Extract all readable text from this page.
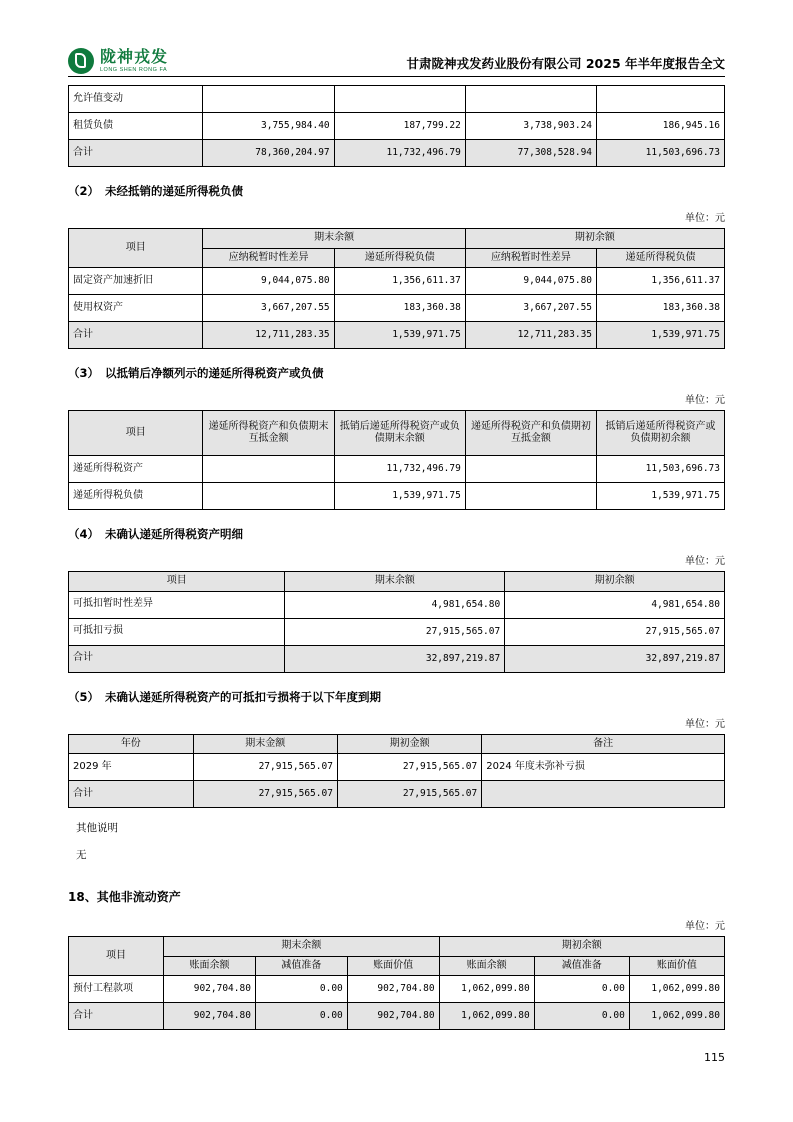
陇神戎发
LONG SHEN RONG FA	甘肃陇神戎发药业股份有限公司 2025 年半年度报告全文
允许值变动				
租赁负债	3,755,984.40	187,799.22	3,738,903.24	186,945.16
合计	78,360,204.97	11,732,496.79	77,308,528.94	11,503,696.73
（2） 未经抵销的递延所得税负债
单位：元
项目	期末余额		期初余额	
	应纳税暂时性差异	递延所得税负债	应纳税暂时性差异	递延所得税负债
固定资产加速折旧	9,044,075.80	1,356,611.37	9,044,075.80	1,356,611.37
使用权资产	3,667,207.55	183,360.38	3,667,207.55	183,360.38
合计	12,711,283.35	1,539,971.75	12,711,283.35	1,539,971.75
（3） 以抵销后净额列示的递延所得税资产或负债
单位：元
项目	递延所得税资产和负债期末互抵金额	抵销后递延所得税资产或负债期末余额	递延所得税资产和负债期初互抵金额	抵销后递延所得税资产或负债期初余额
递延所得税资产		11,732,496.79		11,503,696.73
递延所得税负债		1,539,971.75		1,539,971.75
（4） 未确认递延所得税资产明细
单位：元
项目	期末余额	期初余额
可抵扣暂时性差异	4,981,654.80	4,981,654.80
可抵扣亏损	27,915,565.07	27,915,565.07
合计	32,897,219.87	32,897,219.87
（5） 未确认递延所得税资产的可抵扣亏损将于以下年度到期
单位：元
年份	期末金额	期初金额	备注
2029 年	27,915,565.07	27,915,565.07	2024 年度未弥补亏损
合计	27,915,565.07	27,915,565.07	
其他说明
无
18、其他非流动资产
单位：元
项目	期末余额			期初余额		
	账面余额	减值准备	账面价值	账面余额	减值准备	账面价值
预付工程款项	902,704.80	0.00	902,704.80	1,062,099.80	0.00	1,062,099.80
合计	902,704.80	0.00	902,704.80	1,062,099.80	0.00	1,062,099.80
115
